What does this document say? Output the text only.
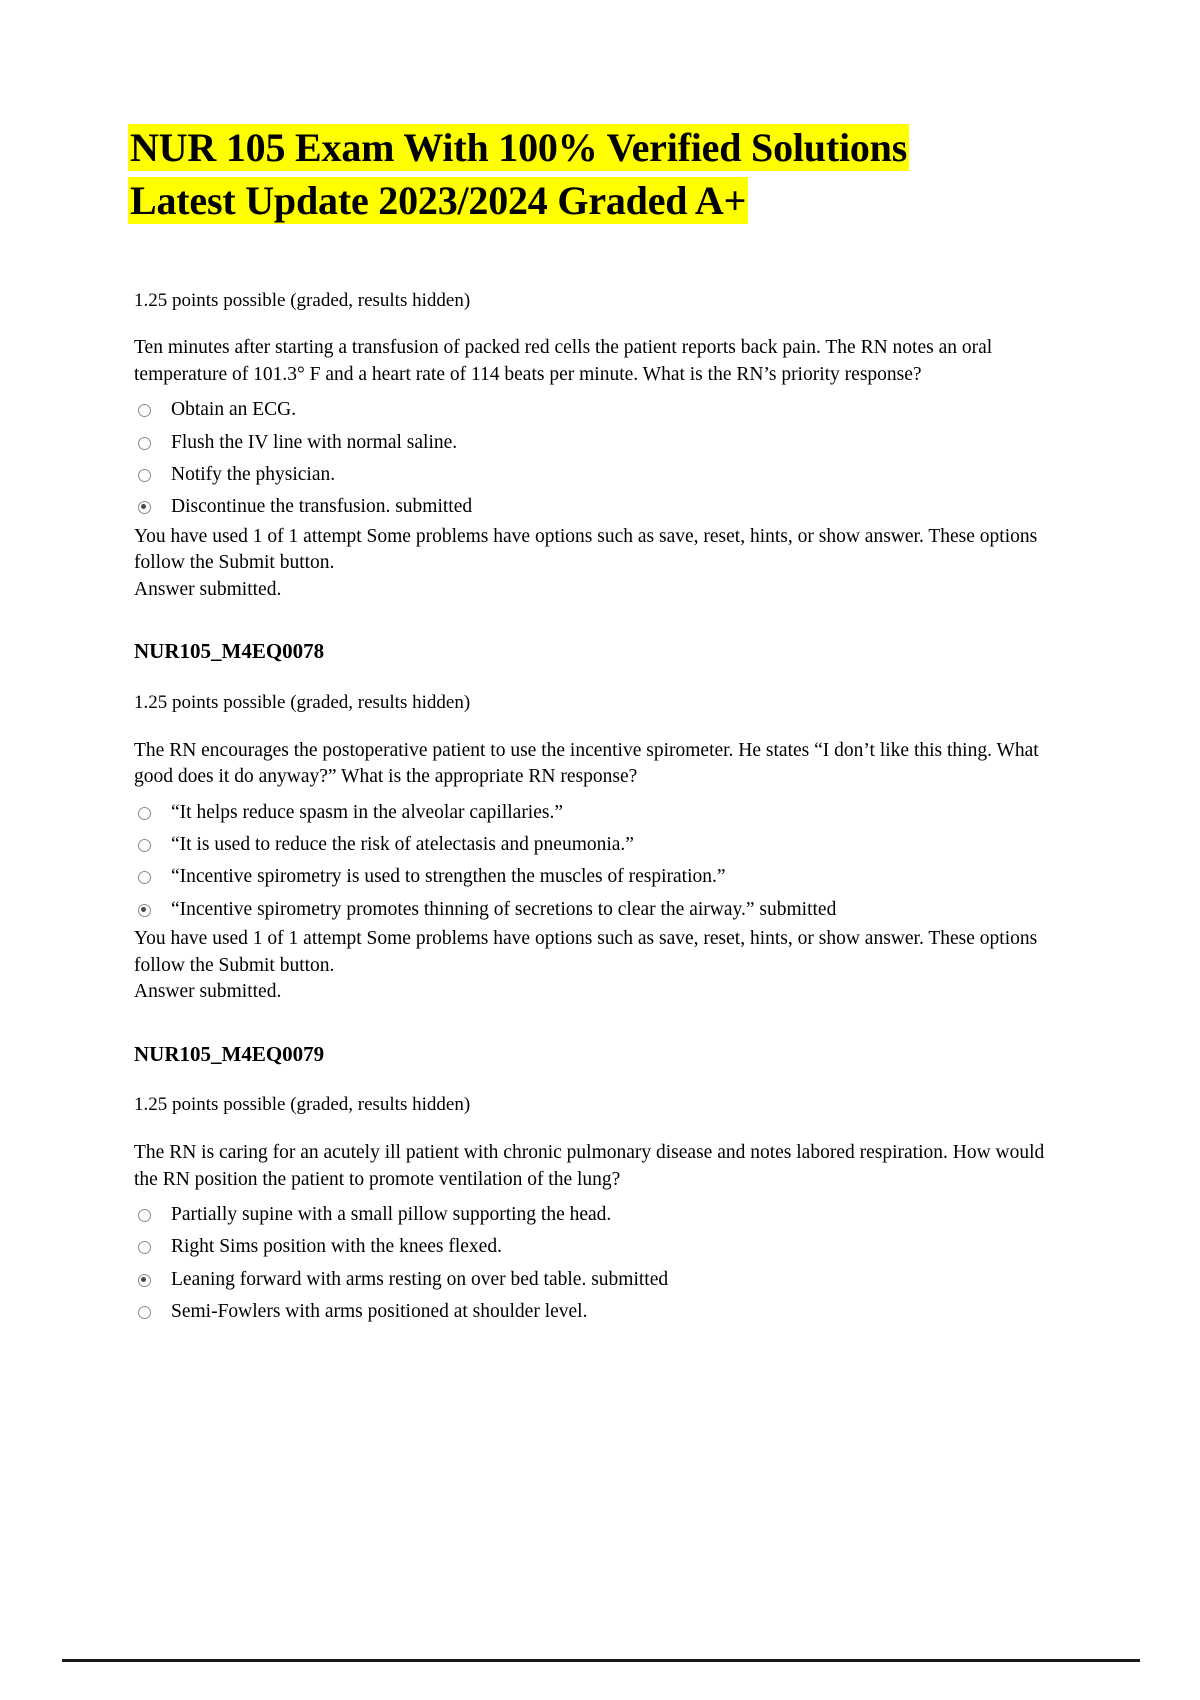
NUR 105 Exam With 100% Verified Solutions
Latest Update 2023/2024 Graded A+

1.25 points possible (graded, results hidden)

Ten minutes after starting a transfusion of packed red cells the patient reports back pain. The RN notes an oral temperature of 101.3° F and a heart rate of 114 beats per minute. What is the RN’s priority response?

Obtain an ECG.
Flush the IV line with normal saline.
Notify the physician.
Discontinue the transfusion. submitted

You have used 1 of 1 attempt Some problems have options such as save, reset, hints, or show answer. These options follow the Submit button.

Answer submitted.

NUR105_M4EQ0078

1.25 points possible (graded, results hidden)

The RN encourages the postoperative patient to use the incentive spirometer. He states “I don’t like this thing. What good does it do anyway?” What is the appropriate RN response?

“It helps reduce spasm in the alveolar capillaries.”
“It is used to reduce the risk of atelectasis and pneumonia.”
“Incentive spirometry is used to strengthen the muscles of respiration.”
“Incentive spirometry promotes thinning of secretions to clear the airway.” submitted

You have used 1 of 1 attempt Some problems have options such as save, reset, hints, or show answer. These options follow the Submit button.

Answer submitted.

NUR105_M4EQ0079

1.25 points possible (graded, results hidden)

The RN is caring for an acutely ill patient with chronic pulmonary disease and notes labored respiration. How would the RN position the patient to promote ventilation of the lung?

Partially supine with a small pillow supporting the head.
Right Sims position with the knees flexed.
Leaning forward with arms resting on over bed table. submitted
Semi-Fowlers with arms positioned at shoulder level.
